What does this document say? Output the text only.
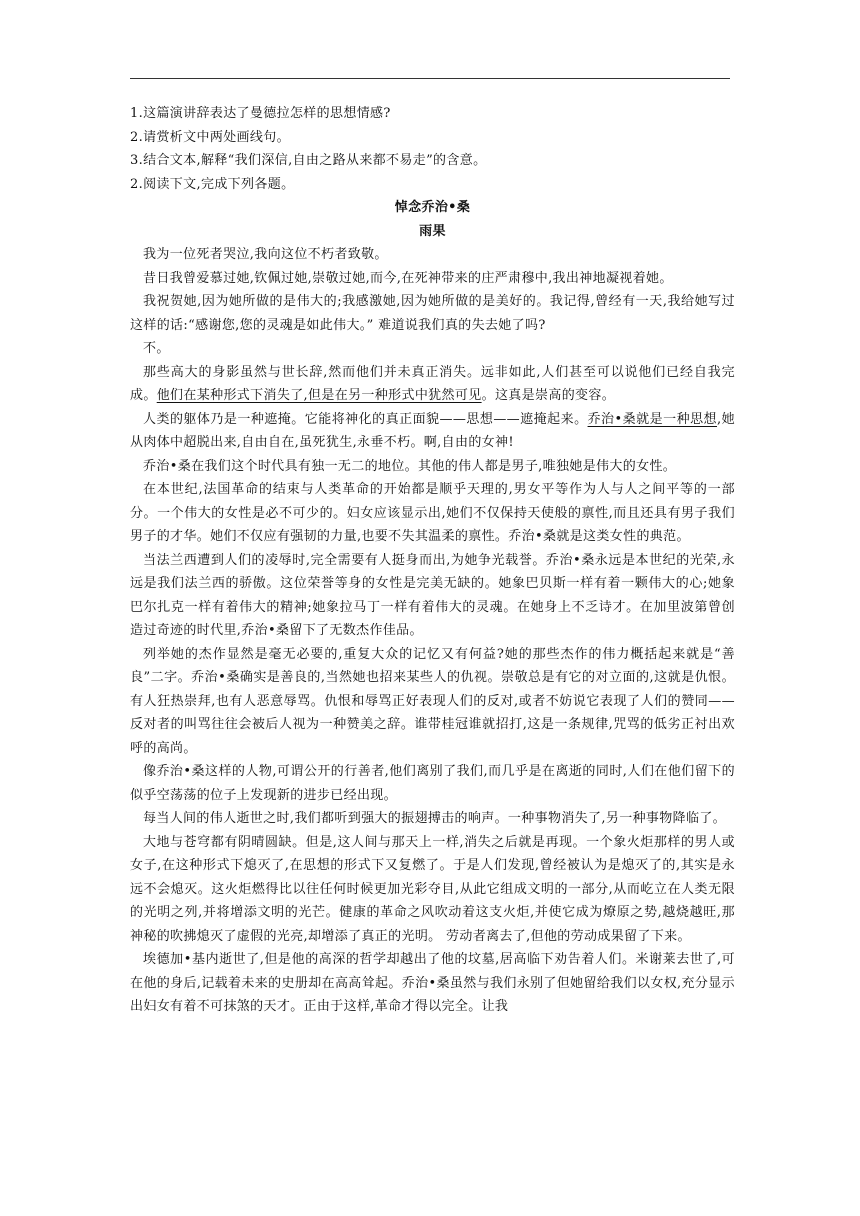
1.这篇演讲辞表达了曼德拉怎样的思想情感?

2.请赏析文中两处画线句。

3.结合文本,解释“我们深信,自由之路从来都不易走”的含意。

2.阅读下文,完成下列各题。

悼念乔治•桑

雨果

我为一位死者哭泣,我向这位不朽者致敬。

昔日我曾爱慕过她,钦佩过她,崇敬过她,而今,在死神带来的庄严肃穆中,我出神地凝视着她。

我祝贺她,因为她所做的是伟大的;我感激她,因为她所做的是美好的。我记得,曾经有一天,我给她写过这样的话:“感谢您,您的灵魂是如此伟大。” 难道说我们真的失去她了吗?

不。

那些高大的身影虽然与世长辞,然而他们并未真正消失。远非如此,人们甚至可以说他们已经自我完成。他们在某种形式下消失了,但是在另一种形式中犹然可见。这真是崇高的变容。

人类的躯体乃是一种遮掩。它能将神化的真正面貌——思想——遮掩起来。乔治•桑就是一种思想,她从肉体中超脱出来,自由自在,虽死犹生,永垂不朽。啊,自由的女神!

乔治•桑在我们这个时代具有独一无二的地位。其他的伟人都是男子,唯独她是伟大的女性。

在本世纪,法国革命的结束与人类革命的开始都是顺乎天理的,男女平等作为人与人之间平等的一部分。一个伟大的女性是必不可少的。妇女应该显示出,她们不仅保持天使般的禀性,而且还具有男子我们男子的才华。她们不仅应有强韧的力量,也要不失其温柔的禀性。乔治•桑就是这类女性的典范。

当法兰西遭到人们的凌辱时,完全需要有人挺身而出,为她争光载誉。乔治•桑永远是本世纪的光荣,永远是我们法兰西的骄傲。这位荣誉等身的女性是完美无缺的。她象巴贝斯一样有着一颗伟大的心;她象巴尔扎克一样有着伟大的精神;她象拉马丁一样有着伟大的灵魂。在她身上不乏诗才。在加里波第曾创造过奇迹的时代里,乔治•桑留下了无数杰作佳品。

列举她的杰作显然是毫无必要的,重复大众的记忆又有何益?她的那些杰作的伟力概括起来就是“善良”二字。乔治•桑确实是善良的,当然她也招来某些人的仇视。崇敬总是有它的对立面的,这就是仇恨。有人狂热崇拜,也有人恶意辱骂。仇恨和辱骂正好表现人们的反对,或者不妨说它表现了人们的赞同——反对者的叫骂往往会被后人视为一种赞美之辞。谁带桂冠谁就招打,这是一条规律,咒骂的低劣正衬出欢呼的高尚。

像乔治•桑这样的人物,可谓公开的行善者,他们离别了我们,而几乎是在离逝的同时,人们在他们留下的似乎空荡荡的位子上发现新的进步已经出现。

每当人间的伟人逝世之时,我们都听到强大的振翅搏击的响声。一种事物消失了,另一种事物降临了。

大地与苍穹都有阴晴圆缺。但是,这人间与那天上一样,消失之后就是再现。一个象火炬那样的男人或女子,在这种形式下熄灭了,在思想的形式下又复燃了。于是人们发现,曾经被认为是熄灭了的,其实是永远不会熄灭。这火炬燃得比以往任何时候更加光彩夺目,从此它组成文明的一部分,从而屹立在人类无限的光明之列,并将增添文明的光芒。健康的革命之风吹动着这支火炬,并使它成为燎原之势,越烧越旺,那神秘的吹拂熄灭了虚假的光亮,却增添了真正的光明。 劳动者离去了,但他的劳动成果留了下来。

埃德加•基内逝世了,但是他的高深的哲学却越出了他的坟墓,居高临下劝告着人们。米谢莱去世了,可在他的身后,记载着未来的史册却在高高耸起。乔治•桑虽然与我们永别了但她留给我们以女权,充分显示出妇女有着不可抹煞的天才。正由于这样,革命才得以完全。让我
